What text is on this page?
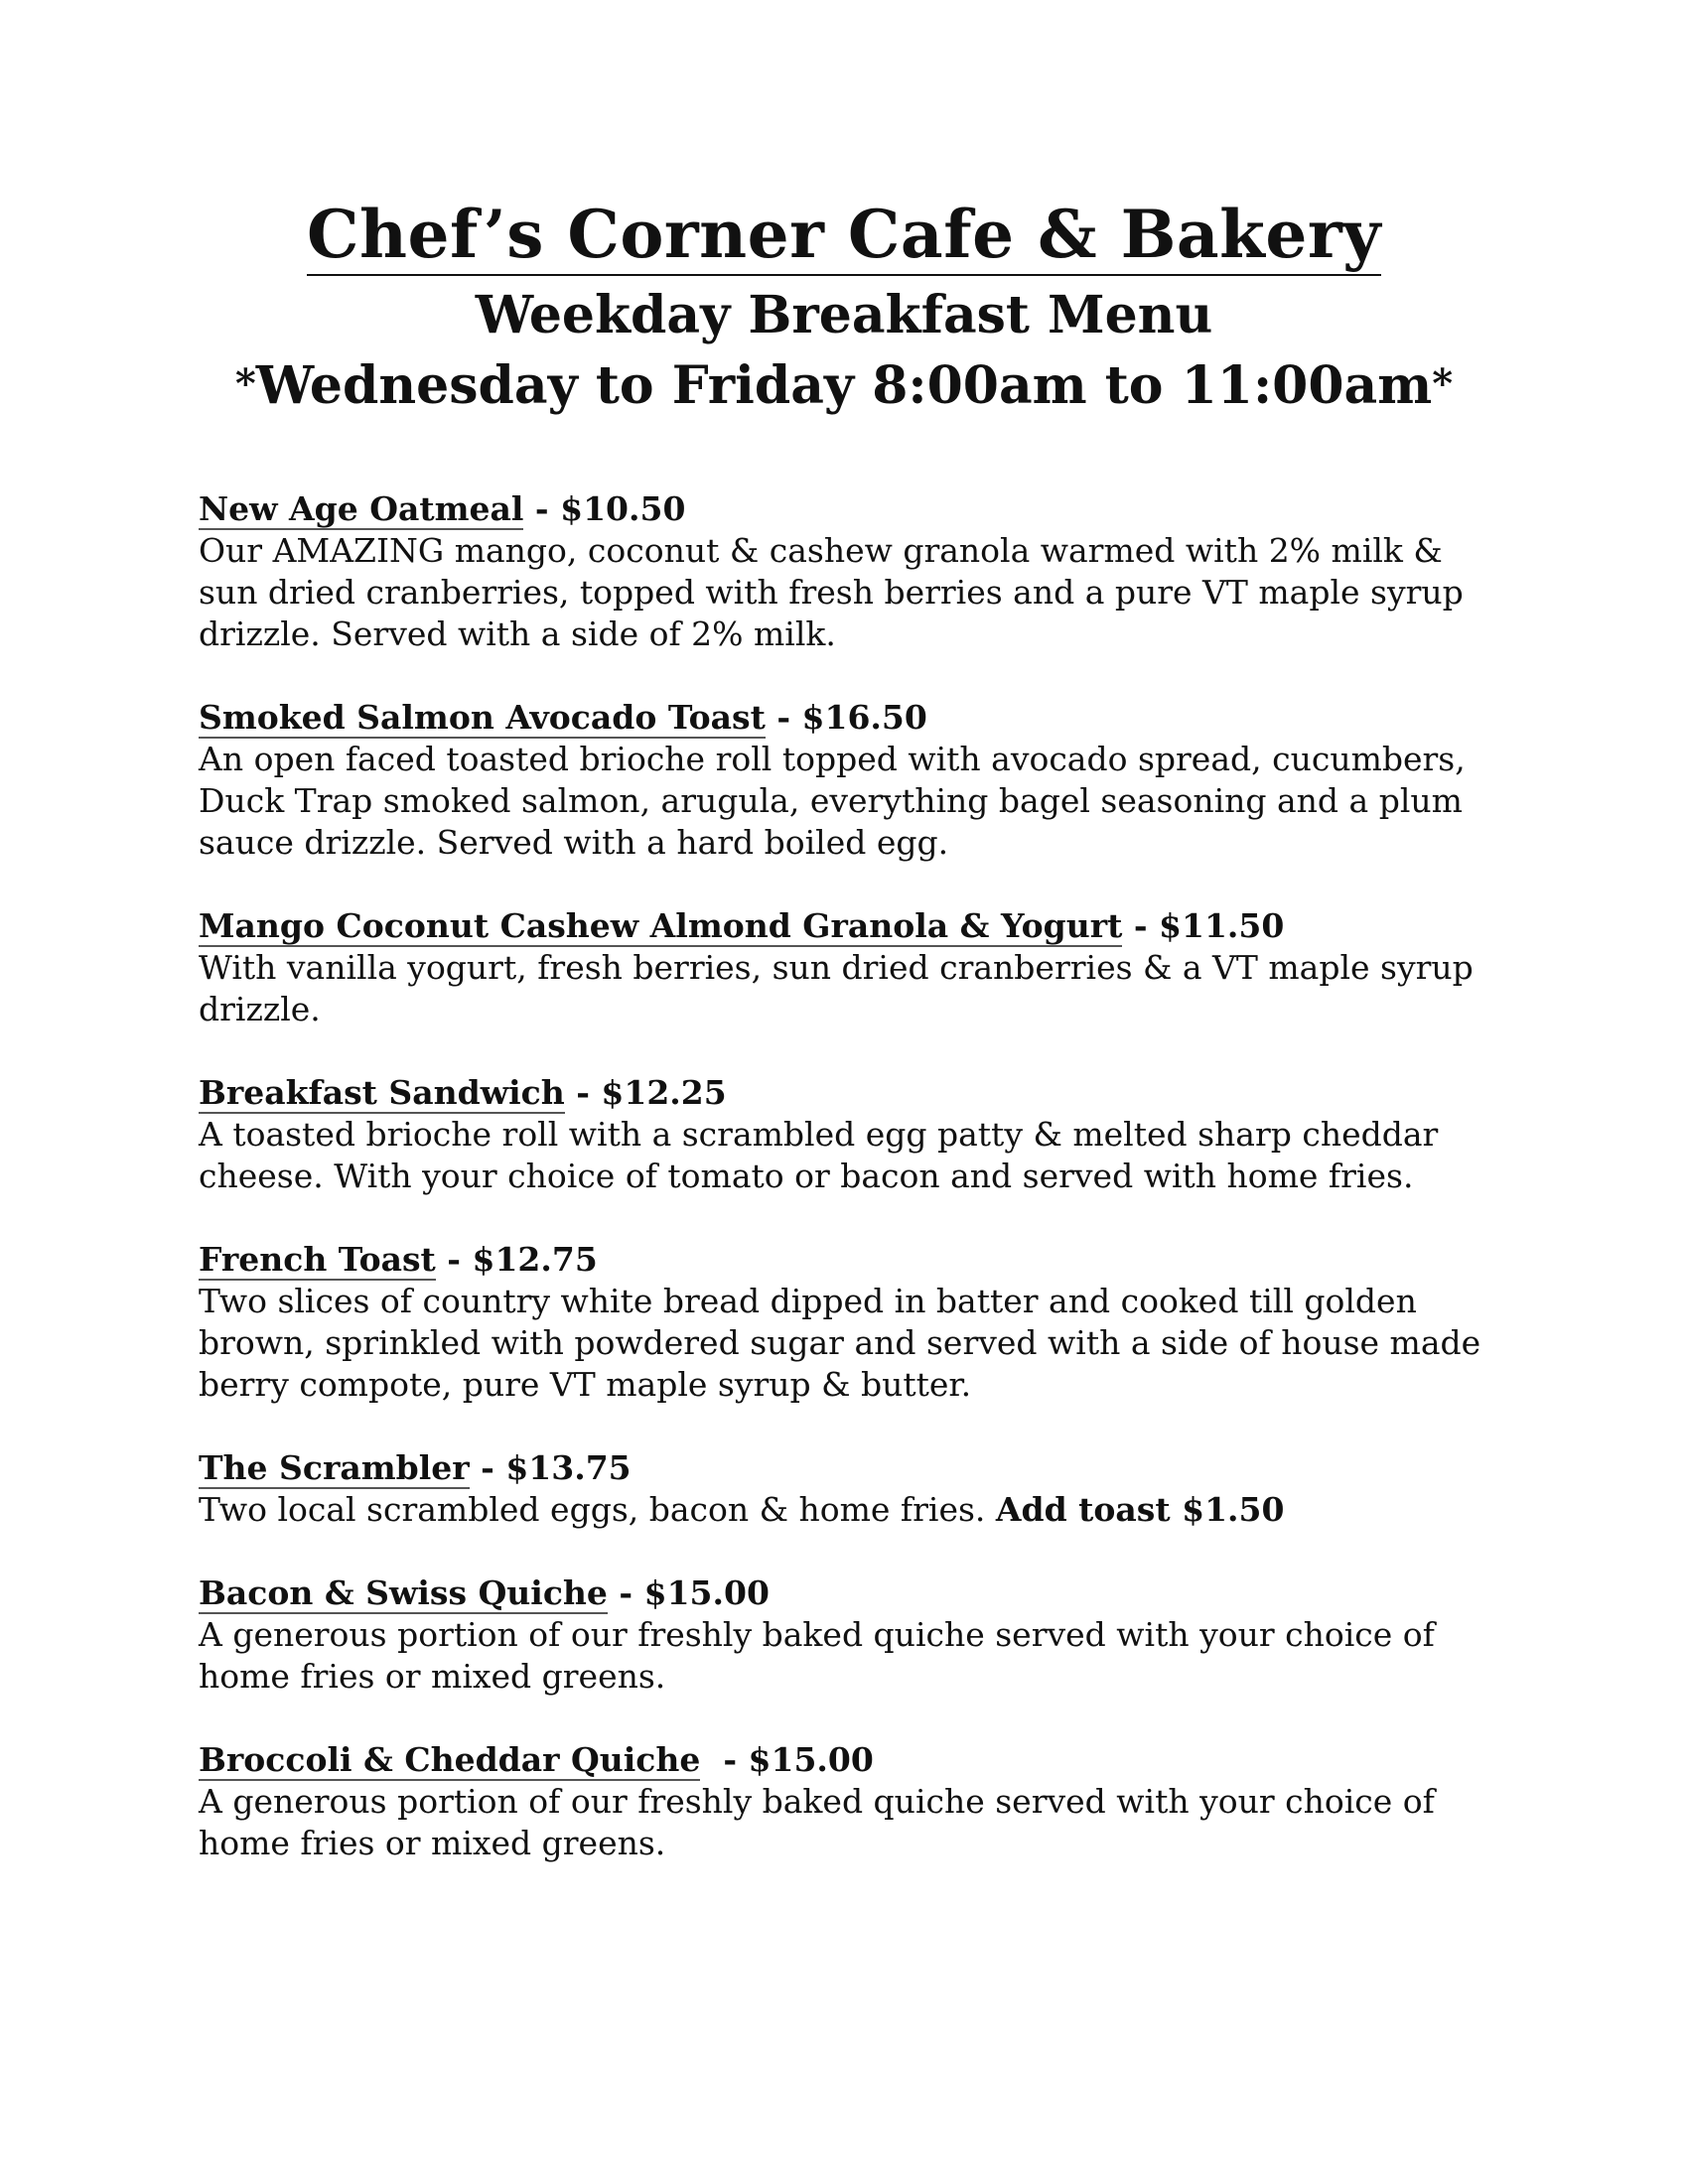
Chef’s Corner Cafe & Bakery
Weekday Breakfast Menu
*Wednesday to Friday 8:00am to 11:00am*
New Age Oatmeal - $10.50

Our AMAZING mango, coconut & cashew granola warmed with 2% milk & sun dried cranberries, topped with fresh berries and a pure VT maple syrup drizzle. Served with a side of 2% milk.

Smoked Salmon Avocado Toast - $16.50

An open faced toasted brioche roll topped with avocado spread, cucumbers, Duck Trap smoked salmon, arugula, everything bagel seasoning and a plum sauce drizzle. Served with a hard boiled egg.

Mango Coconut Cashew Almond Granola & Yogurt - $11.50

With vanilla yogurt, fresh berries, sun dried cranberries & a VT maple syrup drizzle.

Breakfast Sandwich - $12.25

A toasted brioche roll with a scrambled egg patty & melted sharp cheddar cheese. With your choice of tomato or bacon and served with home fries.

French Toast - $12.75

Two slices of country white bread dipped in batter and cooked till golden brown, sprinkled with powdered sugar and served with a side of house made berry compote, pure VT maple syrup & butter.

The Scrambler - $13.75

Two local scrambled eggs, bacon & home fries. Add toast $1.50

Bacon & Swiss Quiche - $15.00

A generous portion of our freshly baked quiche served with your choice of home fries or mixed greens.

Broccoli & Cheddar Quiche  - $15.00

A generous portion of our freshly baked quiche served with your choice of home fries or mixed greens.
